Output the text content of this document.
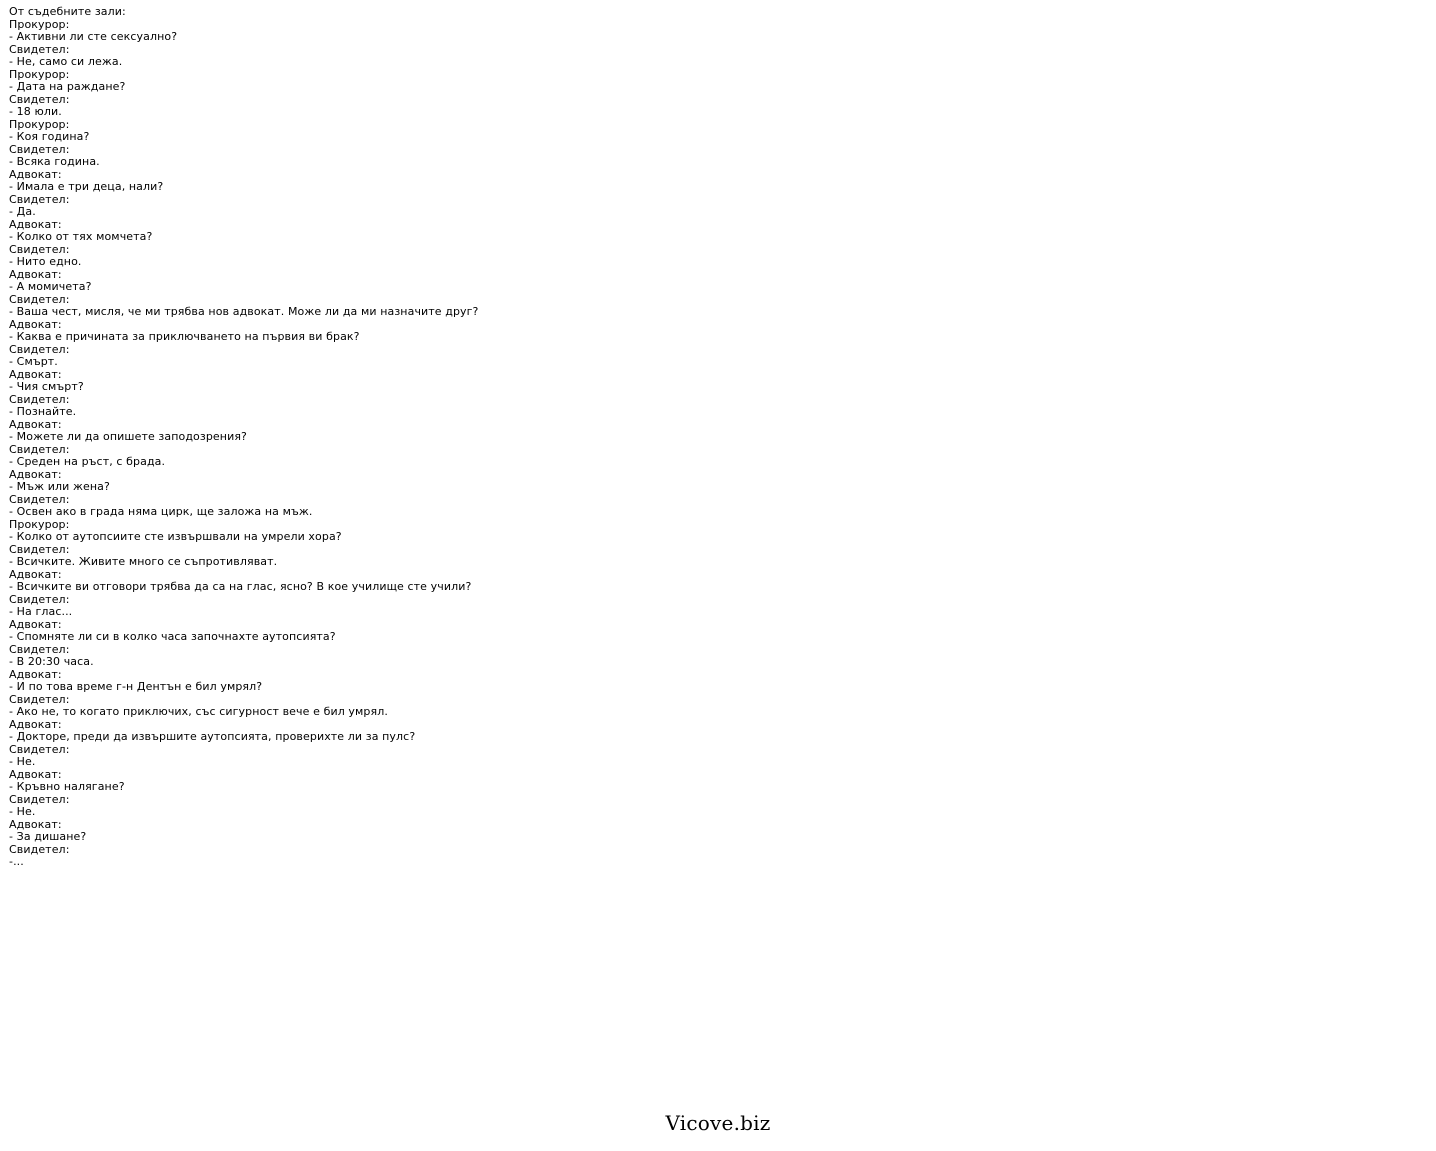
От съдебните зали:
Прокурор:
- Активни ли сте сексуално?
Свидетел:
- Не, само си лежа.
Прокурор:
- Дата на раждане?
Свидетел:
- 18 юли.
Прокурор:
- Коя година?
Свидетел:
- Всяка година.
Адвокат:
- Имала е три деца, нали?
Свидетел:
- Да.
Адвокат:
- Колко от тях момчета?
Свидетел:
- Нито едно.
Адвокат:
- А момичета?
Свидетел:
- Ваша чест, мисля, че ми трябва нов адвокат. Може ли да ми назначите друг?
Адвокат:
- Каква е причината за приключването на първия ви брак?
Свидетел:
- Смърт.
Адвокат:
- Чия смърт?
Свидетел:
- Познайте.
Адвокат:
- Можете ли да опишете заподозрения?
Свидетел:
- Среден на ръст, с брада.
Адвокат:
- Мъж или жена?
Свидетел:
- Освен ако в града няма цирк, ще заложа на мъж.
Прокурор:
- Колко от аутопсиите сте извършвали на умрели хора?
Свидетел:
- Всичките. Живите много се съпротивляват.
Адвокат:
- Всичките ви отговори трябва да са на глас, ясно? В кое училище сте учили?
Свидетел:
- На глас...
Адвокат:
- Спомняте ли си в колко часа започнахте аутопсията?
Свидетел:
- В 20:30 часа.
Адвокат:
- И по това време г-н Дентън е бил умрял?
Свидетел:
- Ако не, то когато приключих, със сигурност вече е бил умрял.
Адвокат:
- Докторе, преди да извършите аутопсията, проверихте ли за пулс?
Свидетел:
- Не.
Адвокат:
- Кръвно налягане?
Свидетел:
- Не.
Адвокат:
- За дишане?
Свидетел:
-...
Vicove.biz
